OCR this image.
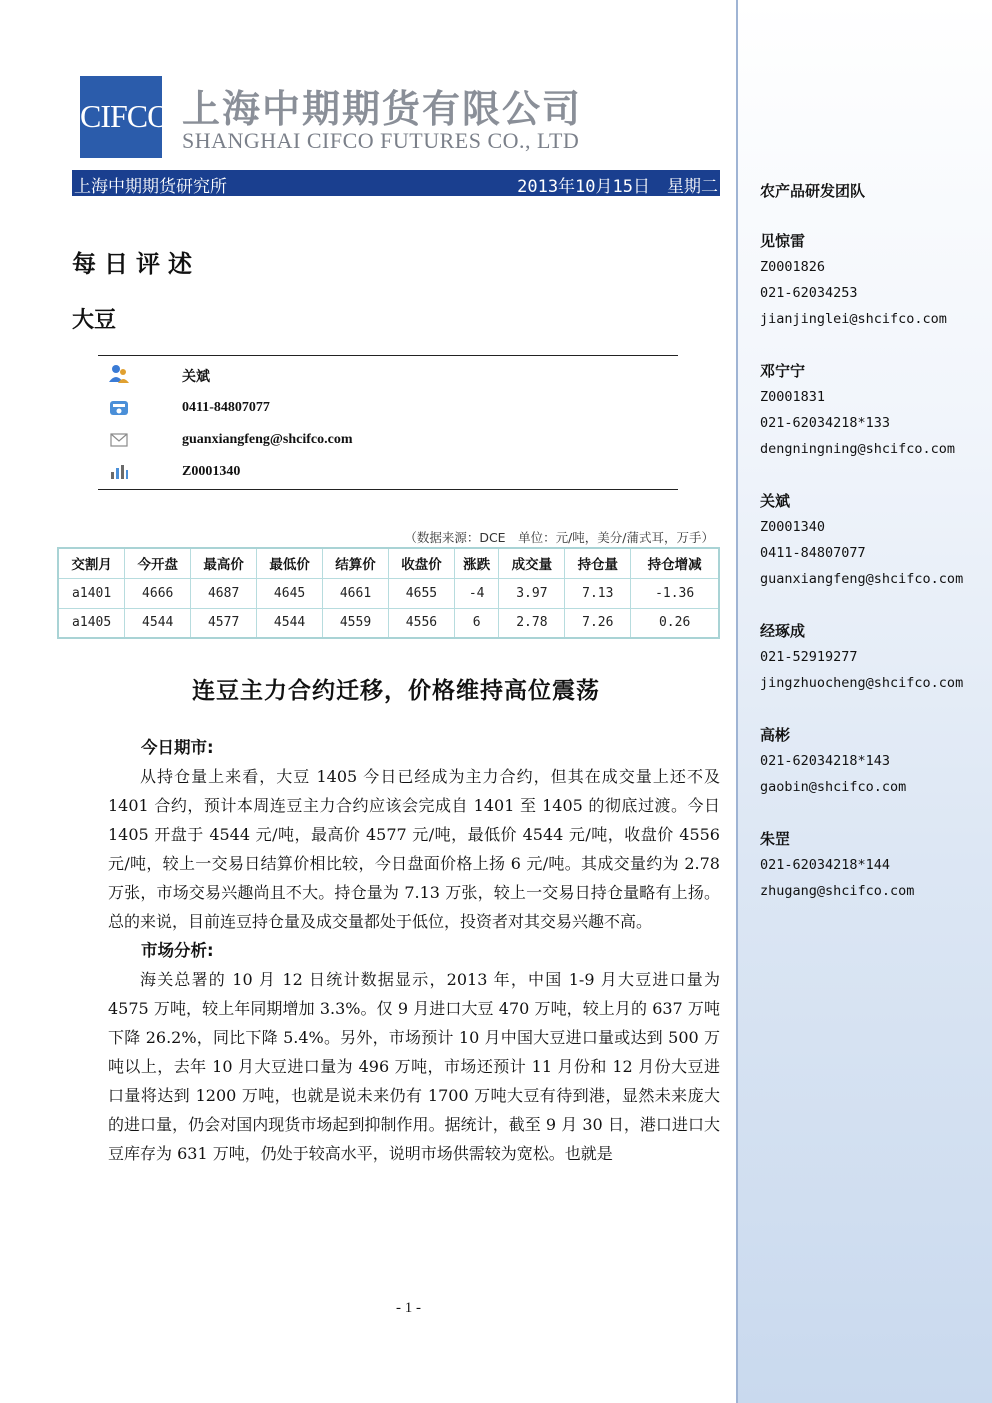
CIFCO 上海中期期货有限公司
SHANGHAI CIFCO FUTURES CO., LTD
上海中期期货研究所	2013年10月15日　星期二
每日评述
大豆
关斌
0411-84807077
guanxiangfeng@shcifco.com
Z0001340
（数据来源：DCE　单位：元/吨，美分/蒲式耳，万手）
交割月	今开盘	最高价	最低价	结算价	收盘价	涨跌	成交量	持仓量	持仓增减
a1401	4666	4687	4645	4661	4655	-4	3.97	7.13	-1.36
a1405	4544	4577	4544	4559	4556	6	2.78	7.26	0.26
连豆主力合约迁移，价格维持高位震荡
今日期市:

从持仓量上来看，大豆 1405 今日已经成为主力合约，但其在成交量上还不及 1401 合约，预计本周连豆主力合约应该会完成自 1401 至 1405 的彻底过渡。今日 1405 开盘于 4544 元/吨，最高价 4577 元/吨，最低价 4544 元/吨，收盘价 4556 元/吨，较上一交易日结算价相比较，今日盘面价格上扬 6 元/吨。其成交量约为 2.78 万张，市场交易兴趣尚且不大。持仓量为 7.13 万张，较上一交易日持仓量略有上扬。总的来说，目前连豆持仓量及成交量都处于低位，投资者对其交易兴趣不高。

市场分析:

海关总署的 10 月 12 日统计数据显示，2013 年，中国 1-9 月大豆进口量为 4575 万吨，较上年同期增加 3.3%。仅 9 月进口大豆 470 万吨，较上月的 637 万吨下降 26.2%，同比下降 5.4%。另外，市场预计 10 月中国大豆进口量或达到 500 万吨以上，去年 10 月大豆进口量为 496 万吨，市场还预计 11 月份和 12 月份大豆进口量将达到 1200 万吨，也就是说未来仍有 1700 万吨大豆有待到港，显然未来庞大的进口量，仍会对国内现货市场起到抑制作用。据统计，截至 9 月 30 日，港口进口大豆库存为 631 万吨，仍处于较高水平，说明市场供需较为宽松。也就是

- 1 -
农产品研发团队
见惊雷
Z0001826
021-62034253
jianjinglei@shcifco.com
邓宁宁
Z0001831
021-62034218*133
dengningning@shcifco.com
关斌
Z0001340
0411-84807077
guanxiangfeng@shcifco.com
经琢成
021-52919277
jingzhuocheng@shcifco.com
高彬
021-62034218*143
gaobin@shcifco.com
朱罡
021-62034218*144
zhugang@shcifco.com
